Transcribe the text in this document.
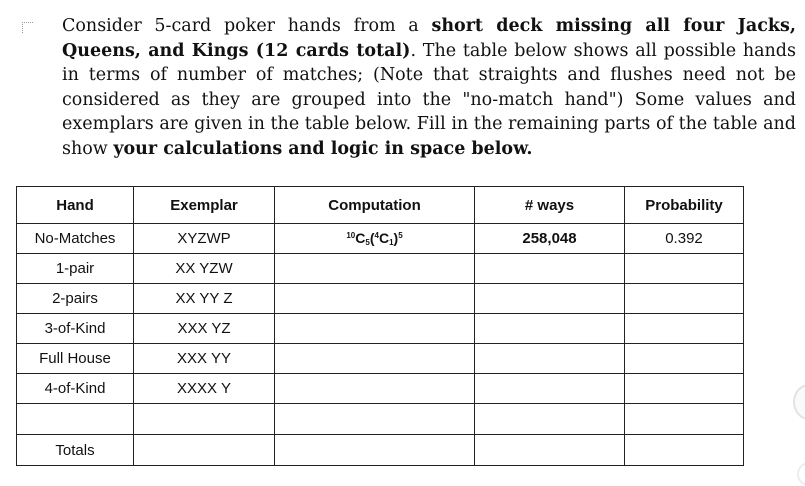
Consider 5-card poker hands from a short deck missing all four Jacks, Queens, and Kings (12 cards total). The table below shows all possible hands in terms of number of matches; (Note that straights and flushes need not be considered as they are grouped into the "no-match hand") Some values and exemplars are given in the table below. Fill in the remaining parts of the table and show your calculations and logic in space below.
Hand	Exemplar	Computation	# ways	Probability
No-Matches	XYZWP	$^{10}C_5(^4C_1)^5$	258,048	0.392
1-pair	XX YZW			
2-pairs	XX YY Z			
3-of-Kind	XXX YZ			
Full House	XXX YY			
4-of-Kind	XXXX Y			

Totals				
